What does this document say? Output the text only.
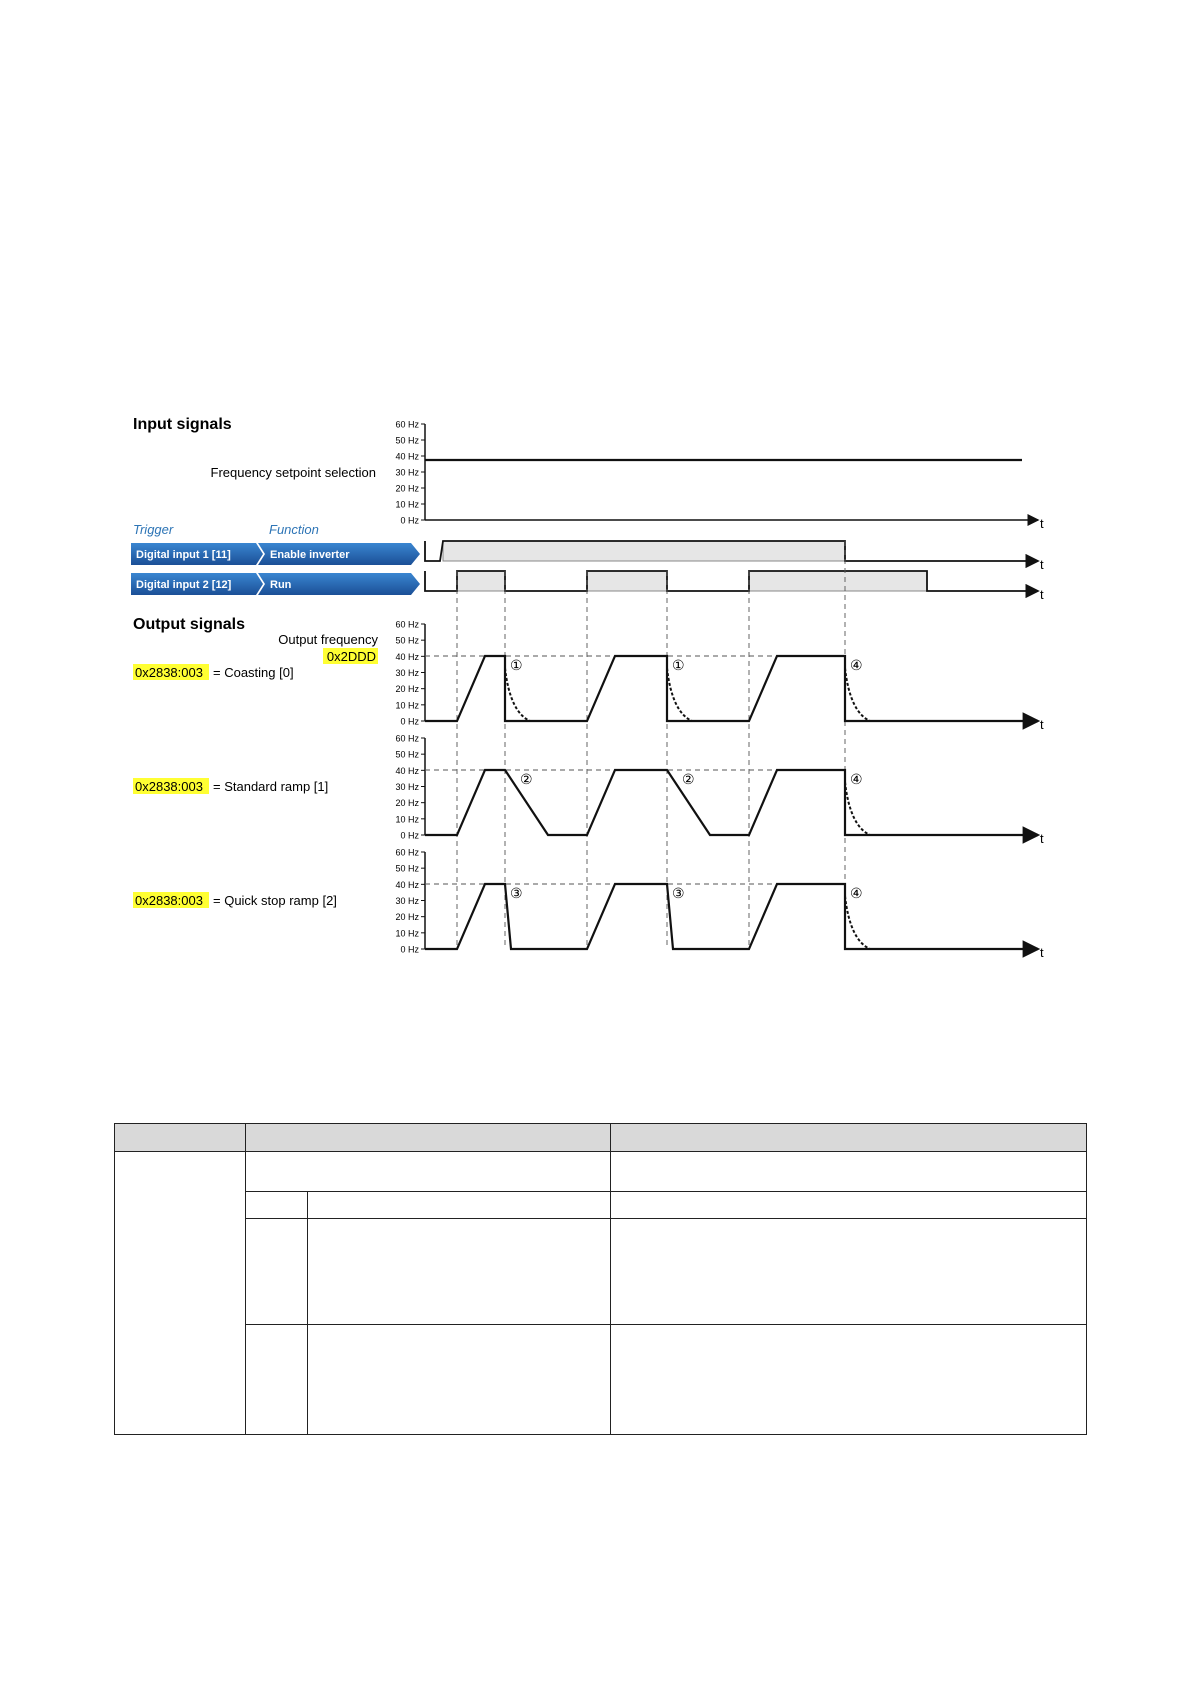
Input signals
Frequency setpoint selection
60 Hz
50 Hz
40 Hz
30 Hz
20 Hz
10 Hz
0 Hz	t
Trigger	Function
Digital input 1 [11]	Enable inverter
Digital input 2 [12]	Run
t
t
Output signals
Output frequency
0x2DDD
0x2838:003 = Coasting [0]
60 Hz
50 Hz
40 Hz
30 Hz
20 Hz
10 Hz
0 Hz
①	①	④
t
0x2838:003 = Standard ramp [1]
60 Hz
50 Hz
40 Hz
30 Hz
20 Hz
10 Hz
0 Hz
②	②	④
t
0x2838:003 = Quick stop ramp [2]
60 Hz
50 Hz
40 Hz
30 Hz
20 Hz
10 Hz
0 Hz
③	③	④
t
